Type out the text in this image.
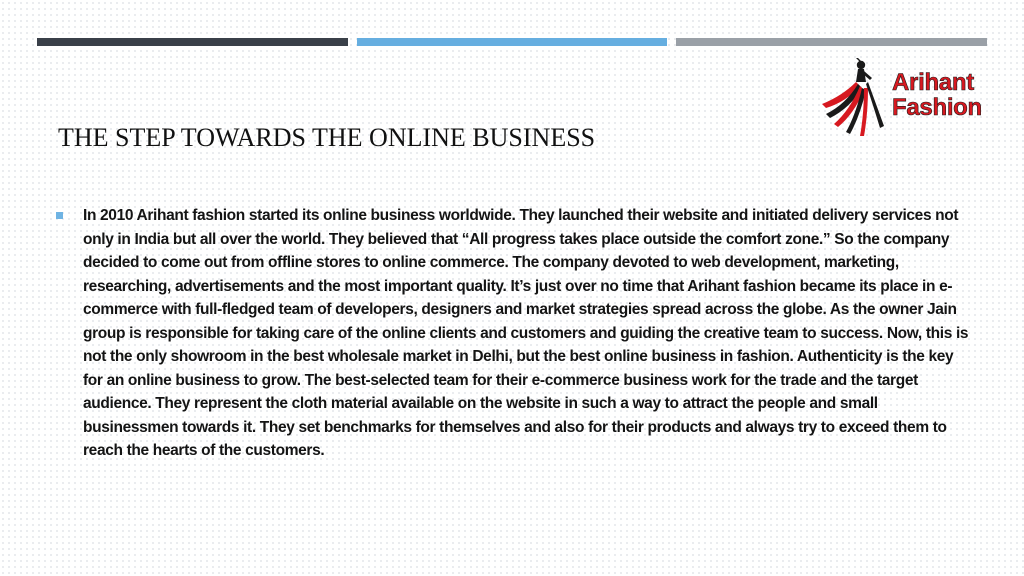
Arihant
Fashion
THE STEP TOWARDS THE ONLINE BUSINESS

In 2010 Arihant fashion started its online business worldwide. They launched their website and initiated delivery services not only in India but all over the world. They believed that “All progress takes place outside the comfort zone.” So the company decided to come out from offline stores to online commerce. The company devoted to web development, marketing, researching, advertisements and the most important quality. It’s just over no time that Arihant fashion became its place in e-commerce with full-fledged team of developers, designers and market strategies spread across the globe. As the owner Jain group is responsible for taking care of the online clients and customers and guiding the creative team to success. Now, this is not the only showroom in the best wholesale market in Delhi, but the best online business in fashion. Authenticity is the key for an online business to grow. The best-selected team for their e-commerce business work for the trade and the target audience. They represent the cloth material available on the website in such a way to attract the people and small businessmen towards it. They set benchmarks for themselves and also for their products and always try to exceed them to reach the hearts of the customers.
